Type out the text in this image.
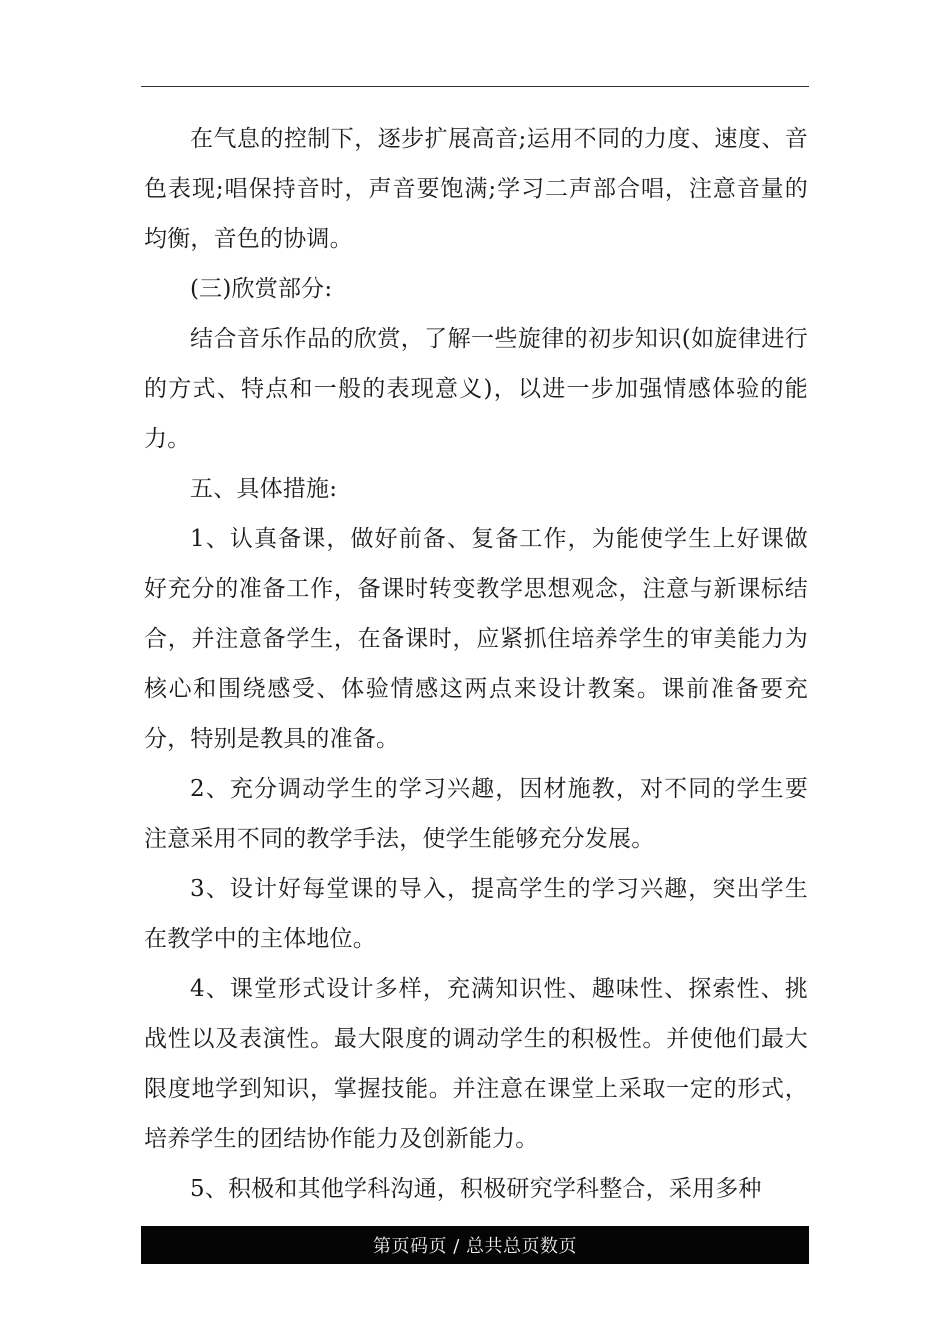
在气息的控制下，逐步扩展高音;运用不同的力度、速度、音色表现;唱保持音时，声音要饱满;学习二声部合唱，注意音量的均衡，音色的协调。

(三)欣赏部分:

结合音乐作品的欣赏，了解一些旋律的初步知识(如旋律进行的方式、特点和一般的表现意义)，以进一步加强情感体验的能力。

五、具体措施:

1、认真备课，做好前备、复备工作，为能使学生上好课做好充分的准备工作，备课时转变教学思想观念，注意与新课标结合，并注意备学生，在备课时，应紧抓住培养学生的审美能力为核心和围绕感受、体验情感这两点来设计教案。课前准备要充分，特别是教具的准备。

2、充分调动学生的学习兴趣，因材施教，对不同的学生要注意采用不同的教学手法，使学生能够充分发展。

3、设计好每堂课的导入，提高学生的学习兴趣，突出学生在教学中的主体地位。

4、课堂形式设计多样，充满知识性、趣味性、探索性、挑战性以及表演性。最大限度的调动学生的积极性。并使他们最大限度地学到知识，掌握技能。并注意在课堂上采取一定的形式，培养学生的团结协作能力及创新能力。

5、积极和其他学科沟通，积极研究学科整合，采用多种

第页码页 / 总共总页数页
